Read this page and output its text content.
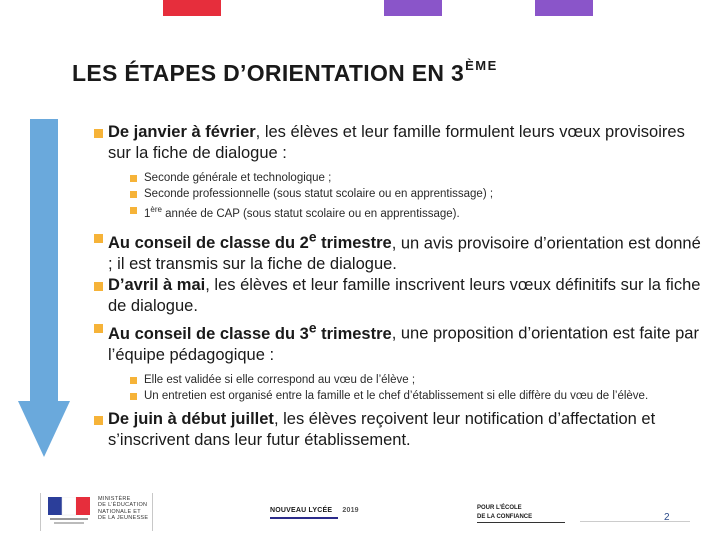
LES ÉTAPES D’ORIENTATION EN 3ÈME
De janvier à février, les élèves et leur famille formulent leurs vœux provisoires sur la fiche de dialogue :
Seconde générale et technologique ;
Seconde professionnelle (sous statut scolaire ou en apprentissage) ;
1ère année de CAP (sous statut scolaire ou en apprentissage).
Au conseil de classe du 2e trimestre, un avis provisoire d’orientation est donné ; il est transmis sur la fiche de dialogue.
D’avril à mai, les élèves et leur famille inscrivent leurs vœux définitifs sur la fiche de dialogue.
Au conseil de classe du 3e trimestre, une proposition d’orientation est faite par l’équipe pédagogique :
Elle est validée si elle correspond au vœu de l’élève ;
Un entretien est organisé entre la famille et le chef d’établissement si elle diffère du vœu de l’élève.
De juin à début juillet, les élèves reçoivent leur notification d’affectation et s’inscrivent dans leur futur établissement.
MINISTÈRE
DE L’ÉDUCATION
NATIONALE ET
DE LA JEUNESSE
NOUVEAU LYCÉE 2019	POUR L’ÉCOLE
DE LA CONFIANCE	2
